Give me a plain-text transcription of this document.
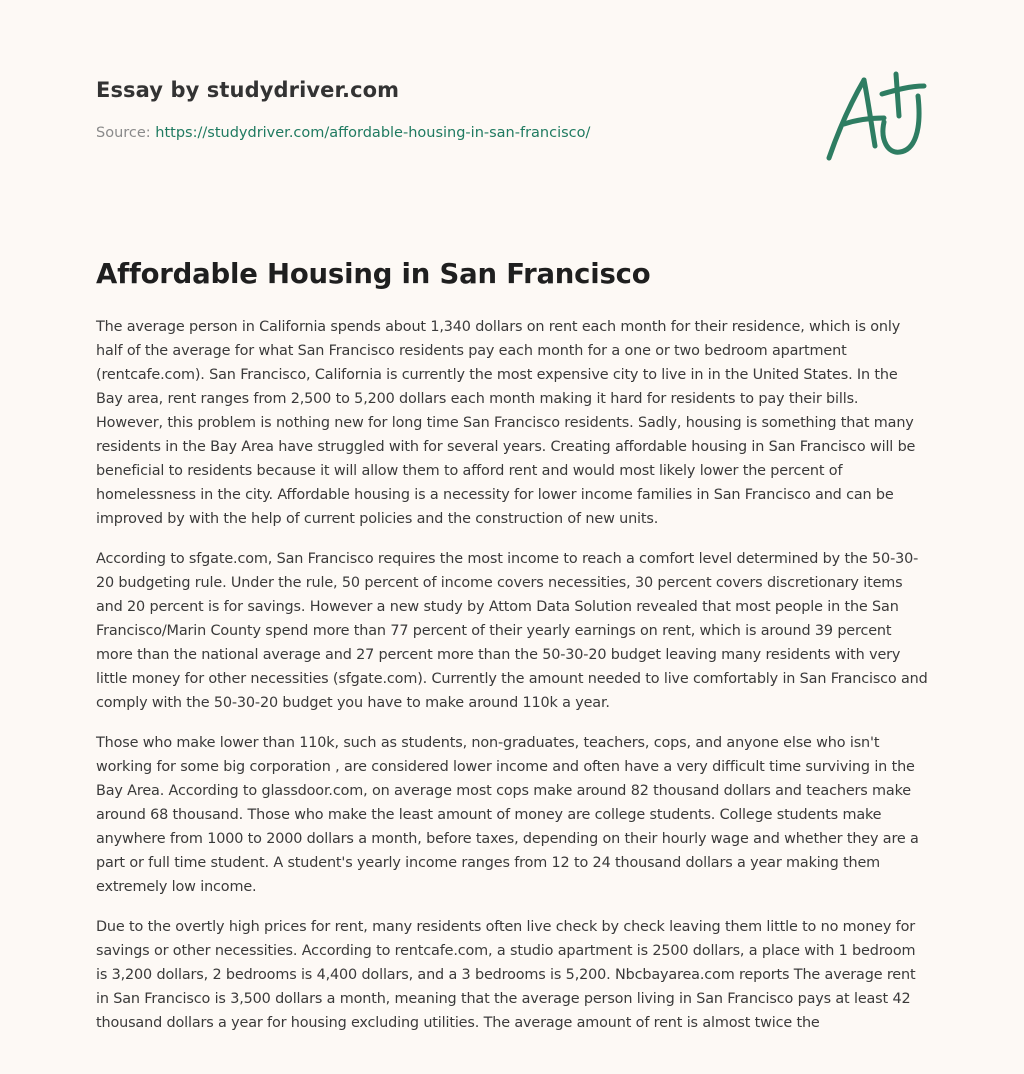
Essay by studydriver.com
Source: https://studydriver.com/affordable-housing-in-san-francisco/
Affordable Housing in San Francisco

The average person in California spends about 1,340 dollars on rent each month for their residence, which is only half of the average for what San Francisco residents pay each month for a one or two bedroom apartment (rentcafe.com). San Francisco, California is currently the most expensive city to live in in the United States. In the Bay area, rent ranges from 2,500 to 5,200 dollars each month making it hard for residents to pay their bills. However, this problem is nothing new for long time San Francisco residents. Sadly, housing is something that many residents in the Bay Area have struggled with for several years. Creating affordable housing in San Francisco will be beneficial to residents because it will allow them to afford rent and would most likely lower the percent of homelessness in the city. Affordable housing is a necessity for lower income families in San Francisco and can be improved by with the help of current policies and the construction of new units.

According to sfgate.com, San Francisco requires the most income to reach a comfort level determined by the 50-30-20 budgeting rule. Under the rule, 50 percent of income covers necessities, 30 percent covers discretionary items and 20 percent is for savings. However a new study by Attom Data Solution revealed that most people in the San Francisco/Marin County spend more than 77 percent of their yearly earnings on rent, which is around 39 percent more than the national average and 27 percent more than the 50-30-20 budget leaving many residents with very little money for other necessities (sfgate.com). Currently the amount needed to live comfortably in San Francisco and comply with the 50-30-20 budget you have to make around 110k a year.

Those who make lower than 110k, such as students, non-graduates, teachers, cops, and anyone else who isn't working for some big corporation , are considered lower income and often have a very difficult time surviving in the Bay Area. According to glassdoor.com, on average most cops make around 82 thousand dollars and teachers make around 68 thousand. Those who make the least amount of money are college students. College students make anywhere from 1000 to 2000 dollars a month, before taxes, depending on their hourly wage and whether they are a part or full time student. A student's yearly income ranges from 12 to 24 thousand dollars a year making them extremely low income.

Due to the overtly high prices for rent, many residents often live check by check leaving them little to no money for savings or other necessities. According to rentcafe.com, a studio apartment is 2500 dollars, a place with 1 bedroom is 3,200 dollars, 2 bedrooms is 4,400 dollars, and a 3 bedrooms is 5,200. Nbcbayarea.com reports The average rent in San Francisco is 3,500 dollars a month, meaning that the average person living in San Francisco pays at least 42 thousand dollars a year for housing excluding utilities. The average amount of rent is almost twice the
